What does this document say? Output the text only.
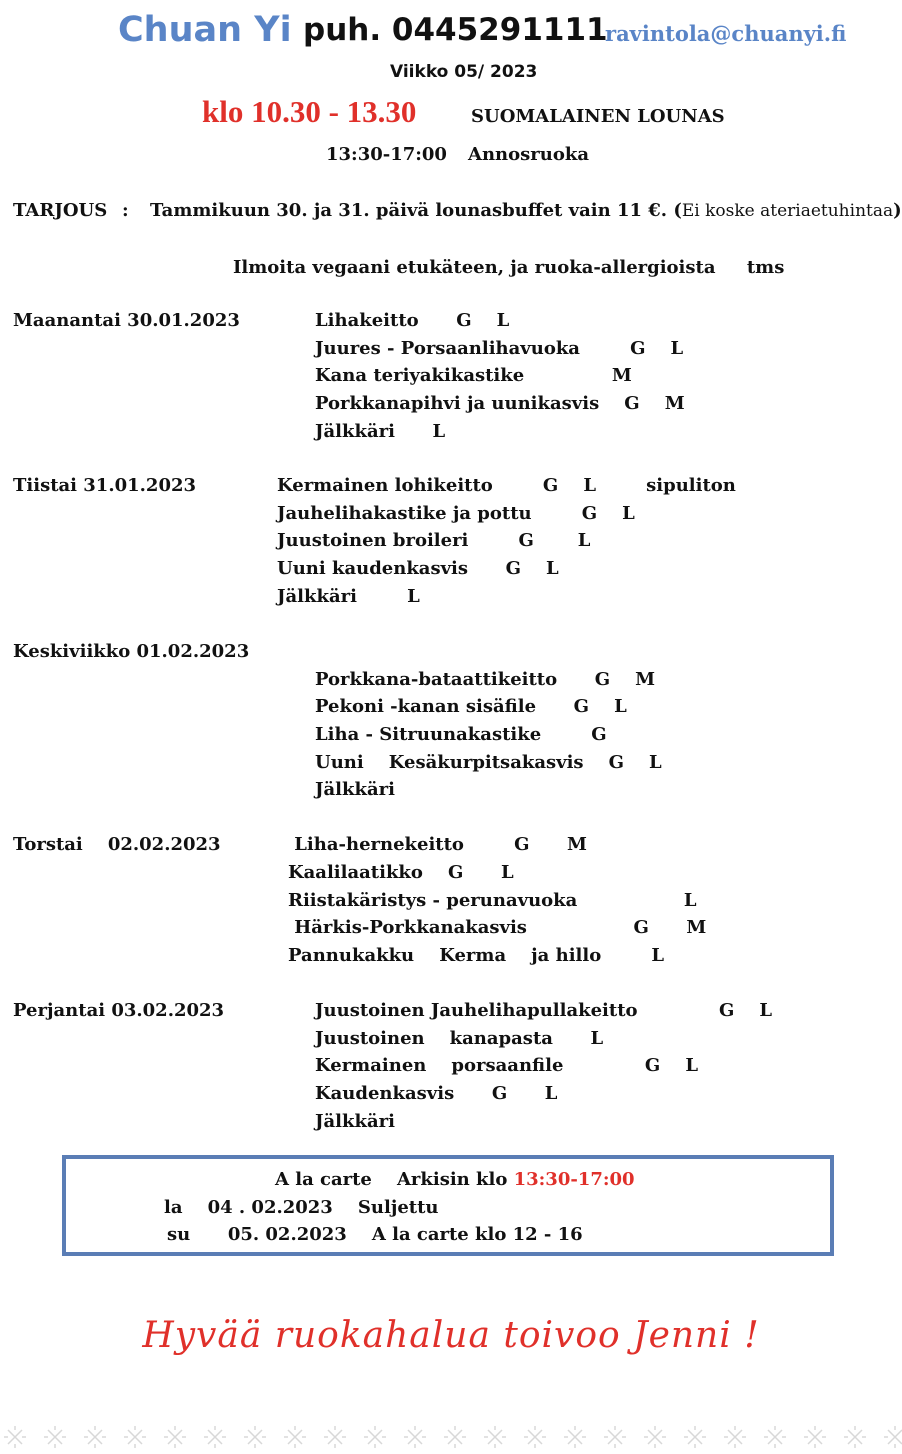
Chuan Yi puh. 0445291111
ravintola@chuanyi.fi
Viikko 05/ 2023
klo 10.30 - 13.30	SUOMALAINEN LOUNAS
13:30-17:00 Annosruoka
TARJOUS : Tammikuun 30. ja 31. päivä lounasbuffet vain 11 €. (Ei koske ateriaetuhintaa)
Ilmoita vegaani etukäteen, ja ruoka-allergioista     tms
Maanantai 30.01.2023	Lihakeitto      G    L
Juures - Porsaanlihavuoka        G    L
Kana teriyakikastike              M
Porkkanapihvi ja uunikasvis    G    M
Jälkkäri      L
Tiistai 31.01.2023	Kermainen lohikeitto        G    L        sipuliton
Jauhelihakastike ja pottu        G    L
Juustoinen broileri        G       L
Uuni kaudenkasvis      G    L
Jälkkäri        L
Keskiviikko 01.02.2023
Porkkana-bataattikeitto      G    M
Pekoni -kanan sisäfile      G    L
Liha - Sitruunakastike        G
Uuni    Kesäkurpitsakasvis    G    L
Jälkkäri
Torstai    02.02.2023	Liha-hernekeitto        G      M
Kaalilaatikko    G      L
Riistakäristys - perunavuoka                 L
Härkis-Porkkanakasvis                 G      M
Pannukakku    Kerma    ja hillo        L
Perjantai 03.02.2023	Juustoinen Jauhelihapullakeitto             G    L
Juustoinen    kanapasta      L
Kermainen    porsaanfile             G    L
Kaudenkasvis      G      L
Jälkkäri
A la carte    Arkisin klo 13:30-17:00
la    04 . 02.2023    Suljettu
su      05. 02.2023    A la carte klo 12 - 16
Hyvää ruokahalua toivoo Jenni !
